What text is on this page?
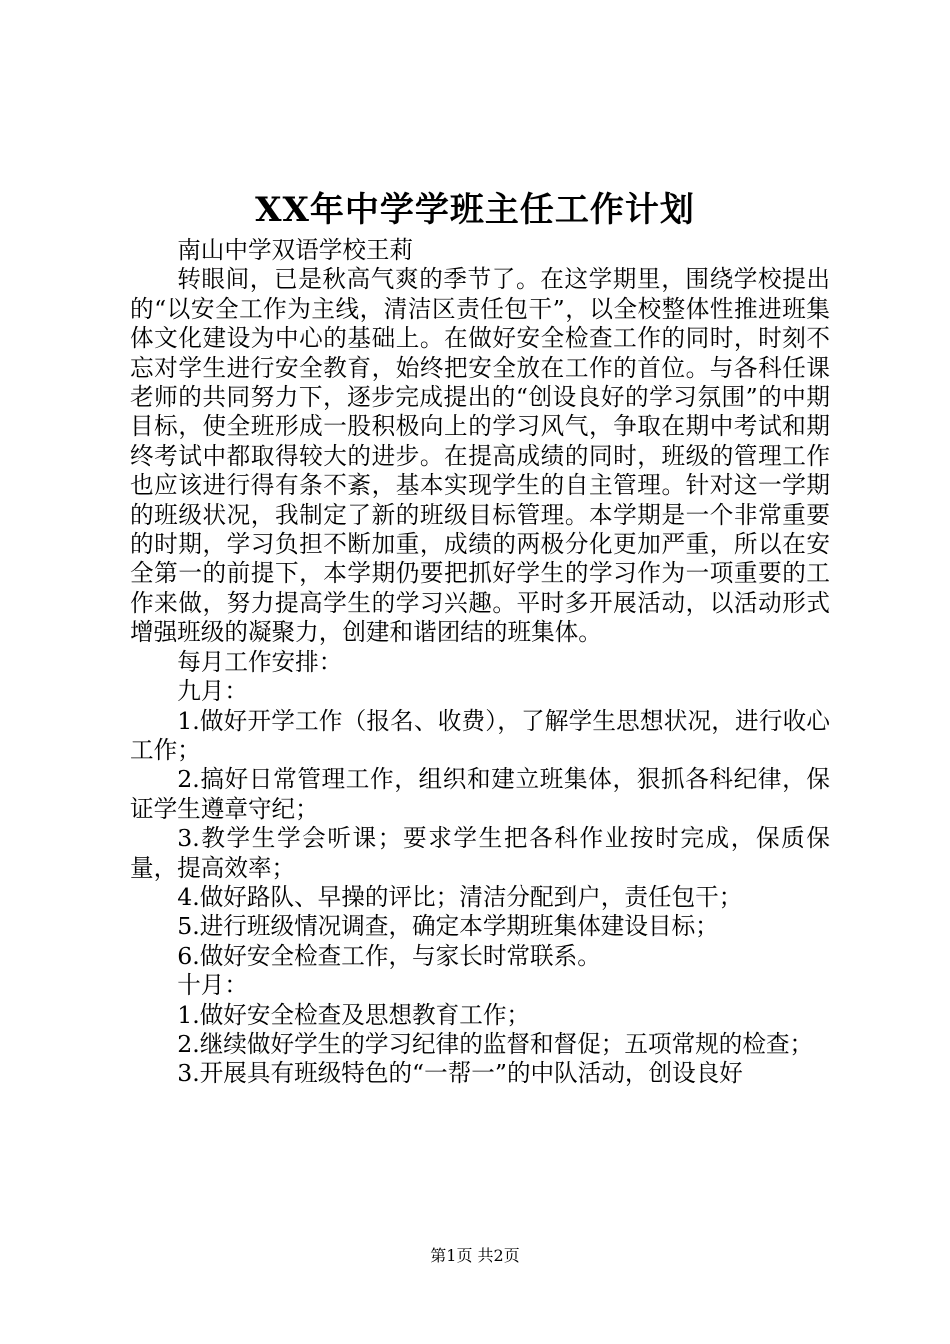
XX年中学学班主任工作计划

南山中学双语学校王莉

转眼间，已是秋高气爽的季节了。在这学期里，围绕学校提出的“以安全工作为主线，清洁区责任包干”，以全校整体性推进班集体文化建设为中心的基础上。在做好安全检查工作的同时，时刻不忘对学生进行安全教育，始终把安全放在工作的首位。与各科任课老师的共同努力下，逐步完成提出的“创设良好的学习氛围”的中期目标，使全班形成一股积极向上的学习风气，争取在期中考试和期终考试中都取得较大的进步。在提高成绩的同时，班级的管理工作也应该进行得有条不紊，基本实现学生的自主管理。针对这一学期的班级状况，我制定了新的班级目标管理。本学期是一个非常重要的时期，学习负担不断加重，成绩的两极分化更加严重，所以在安全第一的前提下，本学期仍要把抓好学生的学习作为一项重要的工作来做，努力提高学生的学习兴趣。平时多开展活动，以活动形式增强班级的凝聚力，创建和谐团结的班集体。

每月工作安排：

九月：

1.做好开学工作（报名、收费），了解学生思想状况，进行收心工作；

2.搞好日常管理工作，组织和建立班集体，狠抓各科纪律，保证学生遵章守纪；

3.教学生学会听课；要求学生把各科作业按时完成，保质保量，提高效率；

4.做好路队、早操的评比；清洁分配到户，责任包干；

5.进行班级情况调查，确定本学期班集体建设目标；

6.做好安全检查工作，与家长时常联系。

十月：

1.做好安全检查及思想教育工作；

2.继续做好学生的学习纪律的监督和督促；五项常规的检查；

3.开展具有班级特色的“一帮一”的中队活动，创设良好

第1页 共2页
